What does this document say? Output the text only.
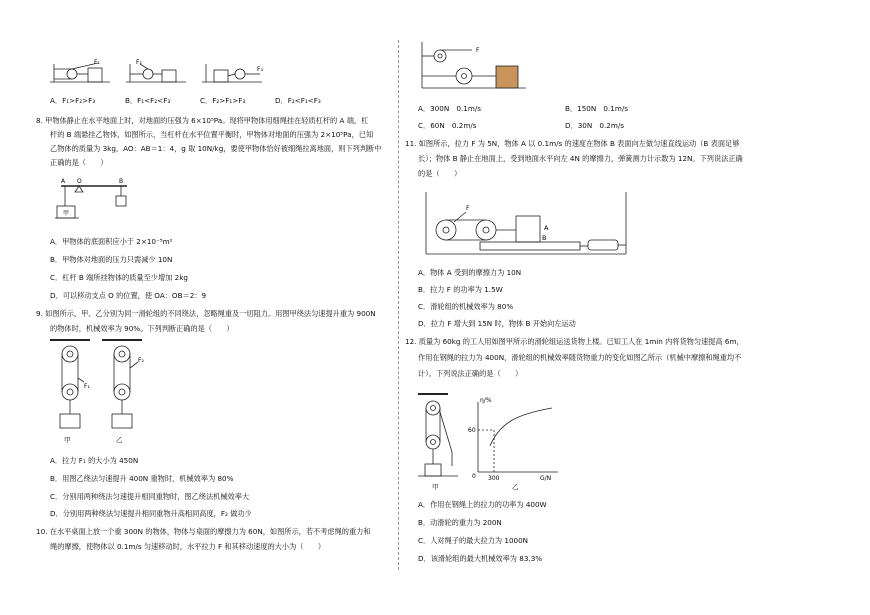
F₁	F₂
F₃
A．F₁>F₂>F₃	B．F₁<F₂<F₃	C．F₂>F₁>F₃	D．F₂<F₁<F₃
8. 甲物体静止在水平地面上时，对地面的压强为 6×10⁵Pa。现将甲物体用细绳挂在轻质杠杆的 A 端，杠
杆的 B 端悬挂乙物体，如图所示，当杠杆在水平位置平衡时，甲物体对地面的压强为 2×10⁵Pa，已知
乙物体的质量为 3kg，AO：AB＝1：4，g 取 10N/kg，要使甲物体恰好被细绳拉离地面，则下列判断中
正确的是（　　）
A O	B
甲
A．甲物体的底面积应小于 2×10⁻⁵m²
B．甲物体对地面的压力只需减少 10N
C．杠杆 B 端所挂物体的质量至少增加 2kg
D．可以移动支点 O 的位置，使 OA：OB＝2：9
9. 如图所示，甲、乙分别为同一滑轮组的不同绕法，忽略绳重及一切阻力。用图甲绕法匀速提升重为 900N
的物体时，机械效率为 90%。下列判断正确的是（　　）
F₁
F₂
甲	乙
A．拉力 F₁ 的大小为 450N
B．用图乙绕法匀速提升 400N 重物时，机械效率为 80%
C．分别用两种绕法匀速提升相同重物时，图乙绕法机械效率大
D．分别用两种绕法匀速提升相同重物升高相同高度，F₂ 做功少
10. 在水平桌面上放一个重 300N 的物体，物体与桌面的摩擦力为 60N，如图所示，若不考虑绳的重力和
绳的摩擦，使物体以 0.1m/s 匀速移动时，水平拉力 F 和其移动速度的大小为（　　）
F
A．300N　0.1m/s	B．150N　0.1m/s
C．60N　0.2m/s	D．30N　0.2m/s
11. 如图所示，拉力 F 为 5N，物体 A 以 0.1m/s 的速度在物体 B 表面向左做匀速直线运动（B 表面足够
长）；物体 B 静止在地面上，受到地面水平向左 4N 的摩擦力，弹簧测力计示数为 12N。下列说法正确
的是（　　）
F
A
B
A．物体 A 受到的摩擦力为 10N
B．拉力 F 的功率为 1.5W
C．滑轮组的机械效率为 80%
D．拉力 F 增大到 15N 时，物体 B 开始向左运动
12. 质量为 60kg 的工人用如图甲所示的滑轮组运送货物上楼。已知工人在 1min 内将货物匀速提高 6m，
作用在钢绳的拉力为 400N，滑轮组的机械效率随货物重力的变化如图乙所示（机械中摩擦和绳重均不
计）。下列说法正确的是（　　）
η/%
60
0 300	G/N
甲	乙
A．作用在钢绳上的拉力的功率为 400W
B．动滑轮的重力为 200N
C．人对绳子的最大拉力为 1000N
D．该滑轮组的最大机械效率为 83.3%
